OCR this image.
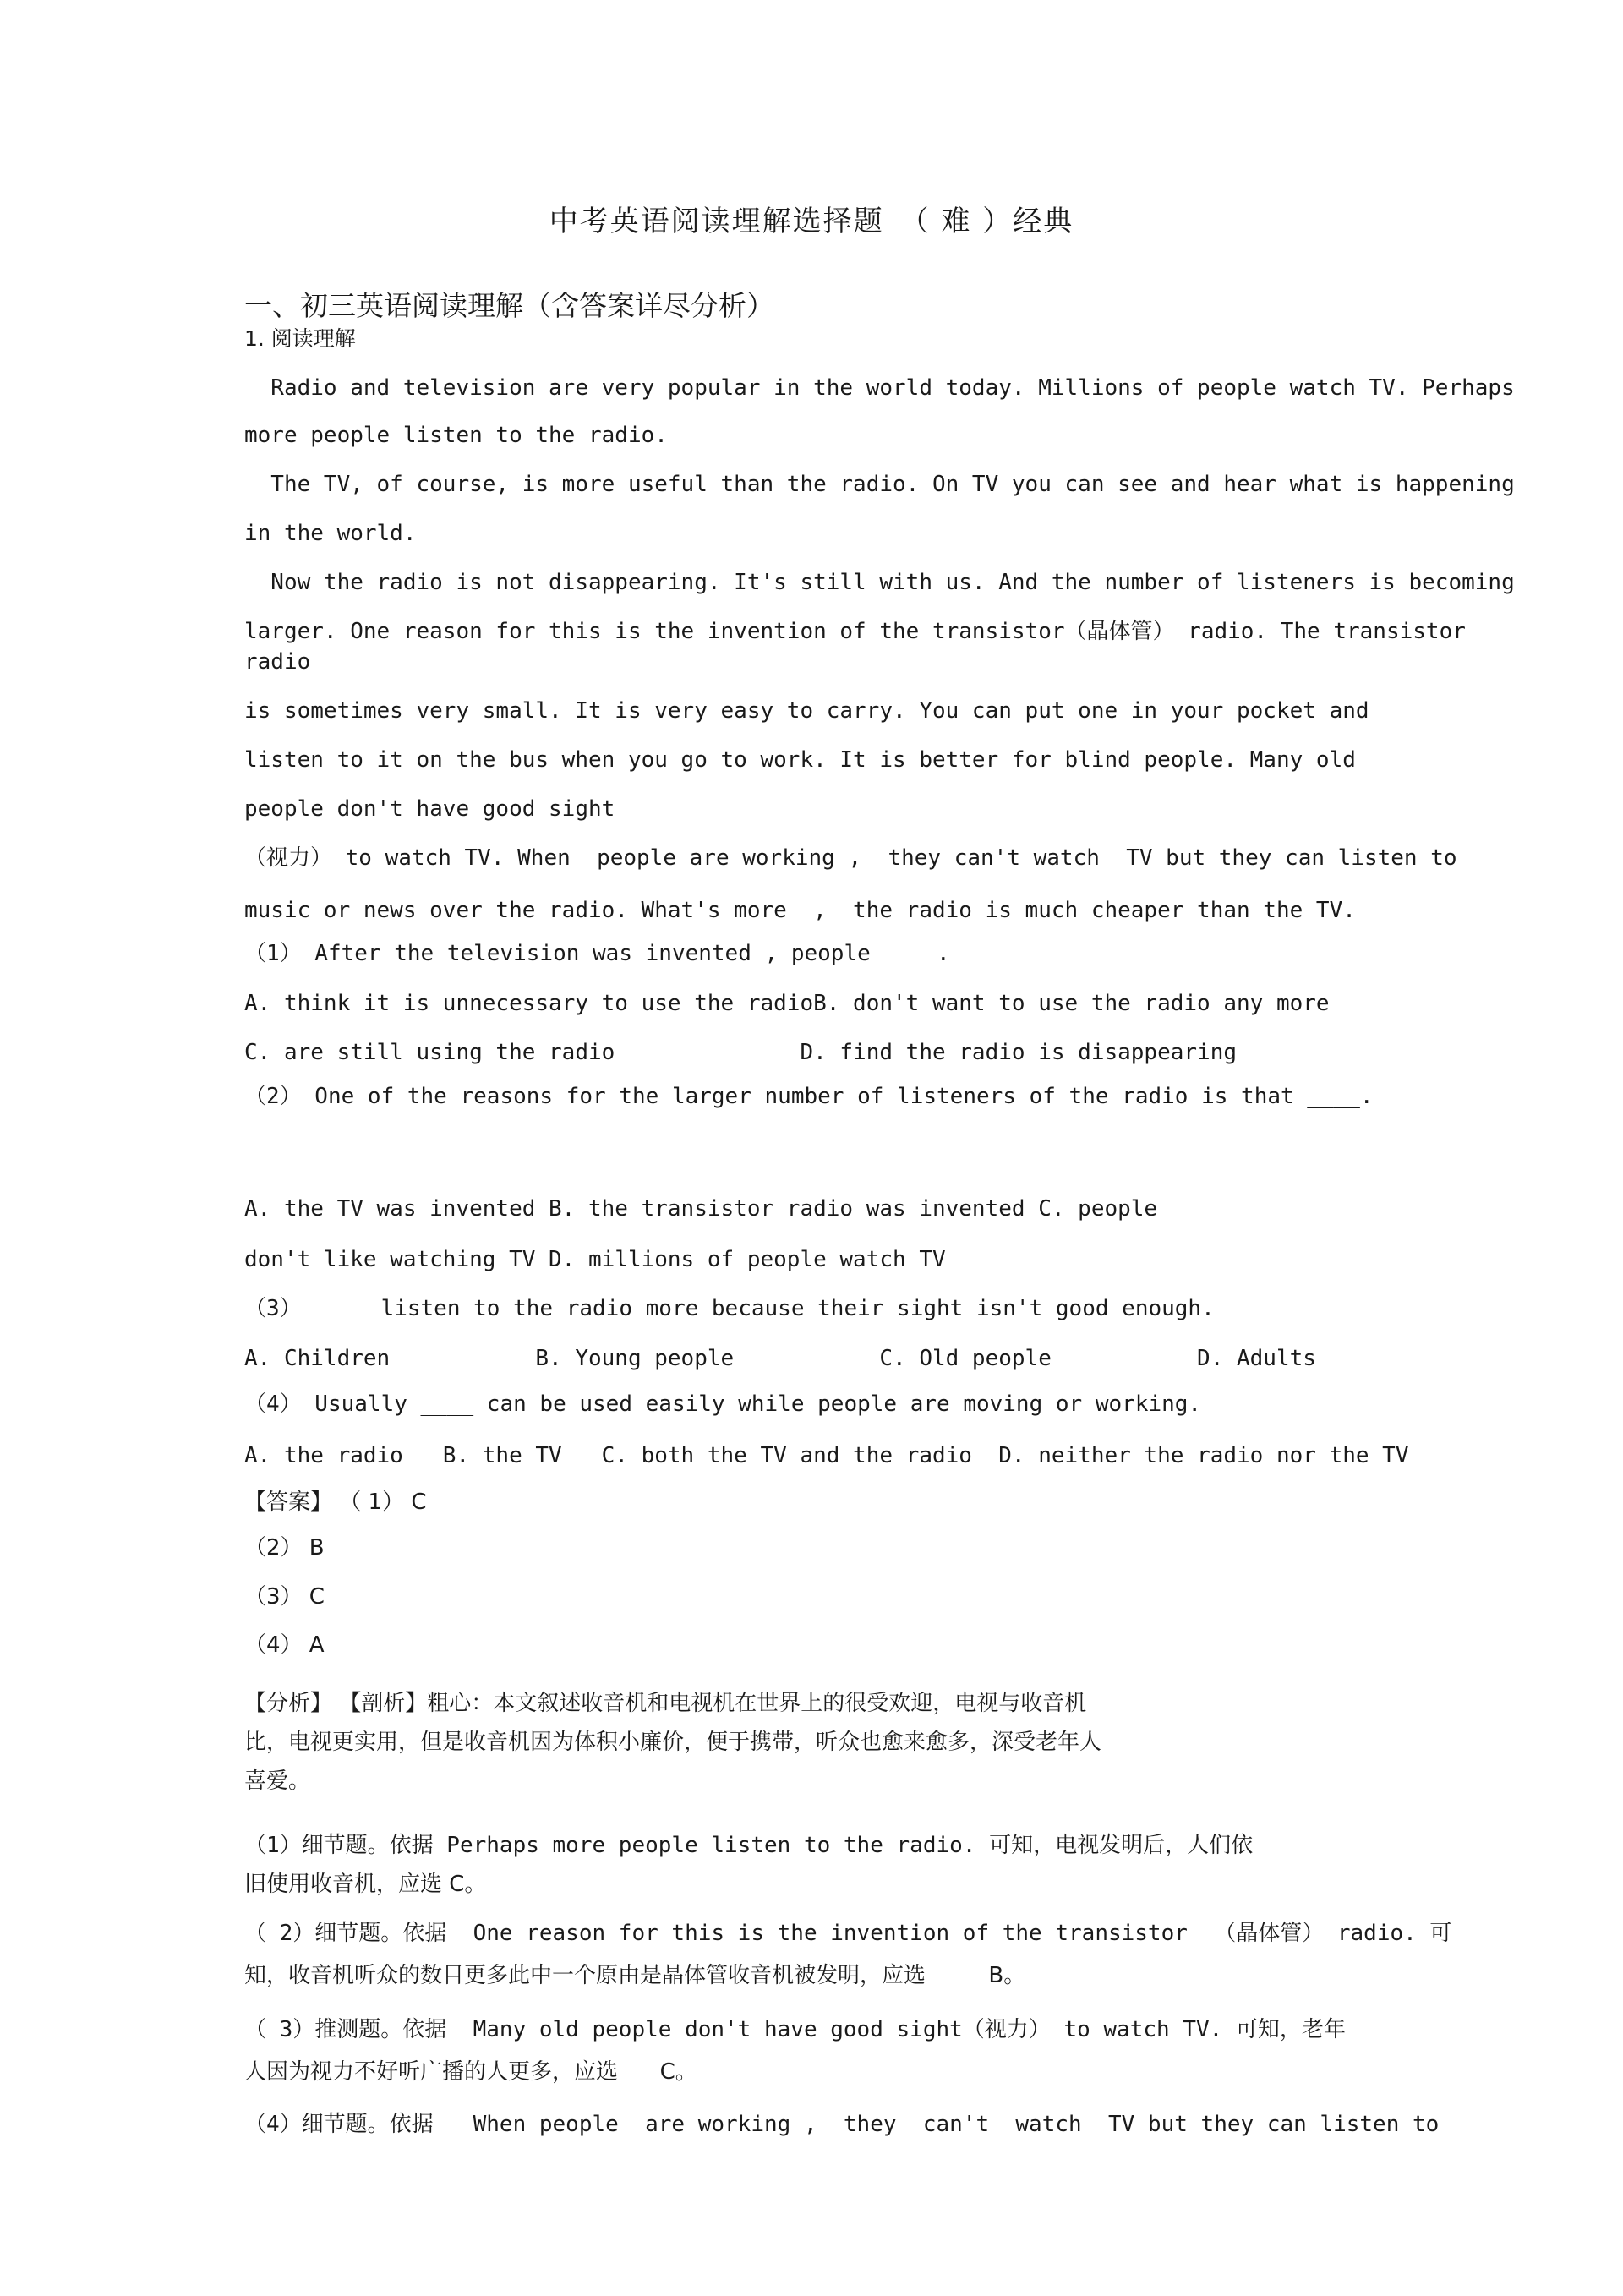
中考英语阅读理解选择题　（ 难 ）经典
一、初三英语阅读理解（含答案详尽分析）
1. 阅读理解
Radio and television are very popular in the world today. Millions of people watch TV. Perhaps
more people listen to the radio.
The TV, of course, is more useful than the radio. On TV you can see and hear what is happening
in the world.
Now the radio is not disappearing. It's still with us. And the number of listeners is becoming
larger. One reason for this is the invention of the transistor（晶体管） radio. The transistor
radio
is sometimes very small. It is very easy to carry. You can put one in your pocket and
listen to it on the bus when you go to work. It is better for blind people. Many old
people don't have good sight
（视力） to watch TV. When  people are working ,  they can't watch  TV but they can listen to
music or news over the radio. What's more  ,  the radio is much cheaper than the TV.
（1） After the television was invented , people ____.
A. think it is unnecessary to use the radioB. don't want to use the radio any more
C. are still using the radio              D. find the radio is disappearing
（2） One of the reasons for the larger number of listeners of the radio is that ____.
A. the TV was invented B. the transistor radio was invented C. people
don't like watching TV D. millions of people watch TV
（3） ____ listen to the radio more because their sight isn't good enough.
A. Children           B. Young people           C. Old people           D. Adults
（4） Usually ____ can be used easily while people are moving or working.
A. the radio   B. the TV   C. both the TV and the radio  D. neither the radio nor the TV
【答案】 （ 1） C
（2） B
（3） C
（4） A
【分析】 【剖析】粗心：本文叙述收音机和电视机在世界上的很受欢迎，电视与收音机
比，电视更实用，但是收音机因为体积小廉价，便于携带，听众也愈来愈多，深受老年人
喜爱。
（1）细节题。依据 Perhaps more people listen to the radio. 可知，电视发明后，人们依
旧使用收音机，应选 C。
（ 2）细节题。依据  One reason for this is the invention of the transistor  （晶体管） radio. 可
知，收音机听众的数目更多此中一个原由是晶体管收音机被发明，应选         B。
（ 3）推测题。依据  Many old people don't have good sight（视力） to watch TV. 可知，老年
人因为视力不好听广播的人更多，应选      C。
（4）细节题。依据   When people  are working ,  they  can't  watch  TV but they can listen to
